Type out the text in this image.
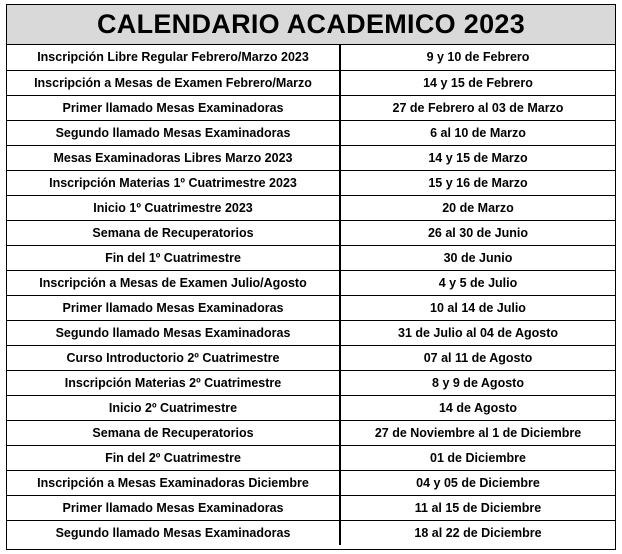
CALENDARIO ACADEMICO 2023
Inscripción Libre Regular Febrero/Marzo 2023	9 y 10 de Febrero
Inscripción a Mesas de Examen Febrero/Marzo	14 y 15 de Febrero
Primer llamado Mesas Examinadoras	27 de Febrero al 03 de Marzo
Segundo llamado Mesas Examinadoras	6 al 10 de Marzo
Mesas Examinadoras Libres Marzo 2023	14 y 15 de Marzo
Inscripción Materias 1º Cuatrimestre 2023	15 y 16 de Marzo
Inicio 1º Cuatrimestre 2023	20 de Marzo
Semana de Recuperatorios	26 al 30 de Junio
Fin del 1º Cuatrimestre	30 de Junio
Inscripción a Mesas de Examen Julio/Agosto	4 y 5 de Julio
Primer llamado Mesas Examinadoras	10 al 14 de Julio
Segundo llamado Mesas Examinadoras	31 de Julio al 04 de Agosto
Curso Introductorio 2º Cuatrimestre	07 al 11 de Agosto
Inscripción Materias 2º Cuatrimestre	8 y 9 de Agosto
Inicio 2º Cuatrimestre	14 de Agosto
Semana de Recuperatorios	27 de Noviembre al 1 de Diciembre
Fin del 2º Cuatrimestre	01 de Diciembre
Inscripción a Mesas Examinadoras Diciembre	04 y 05 de Diciembre
Primer llamado Mesas Examinadoras	11 al 15 de Diciembre
Segundo llamado Mesas Examinadoras	18 al 22 de Diciembre
